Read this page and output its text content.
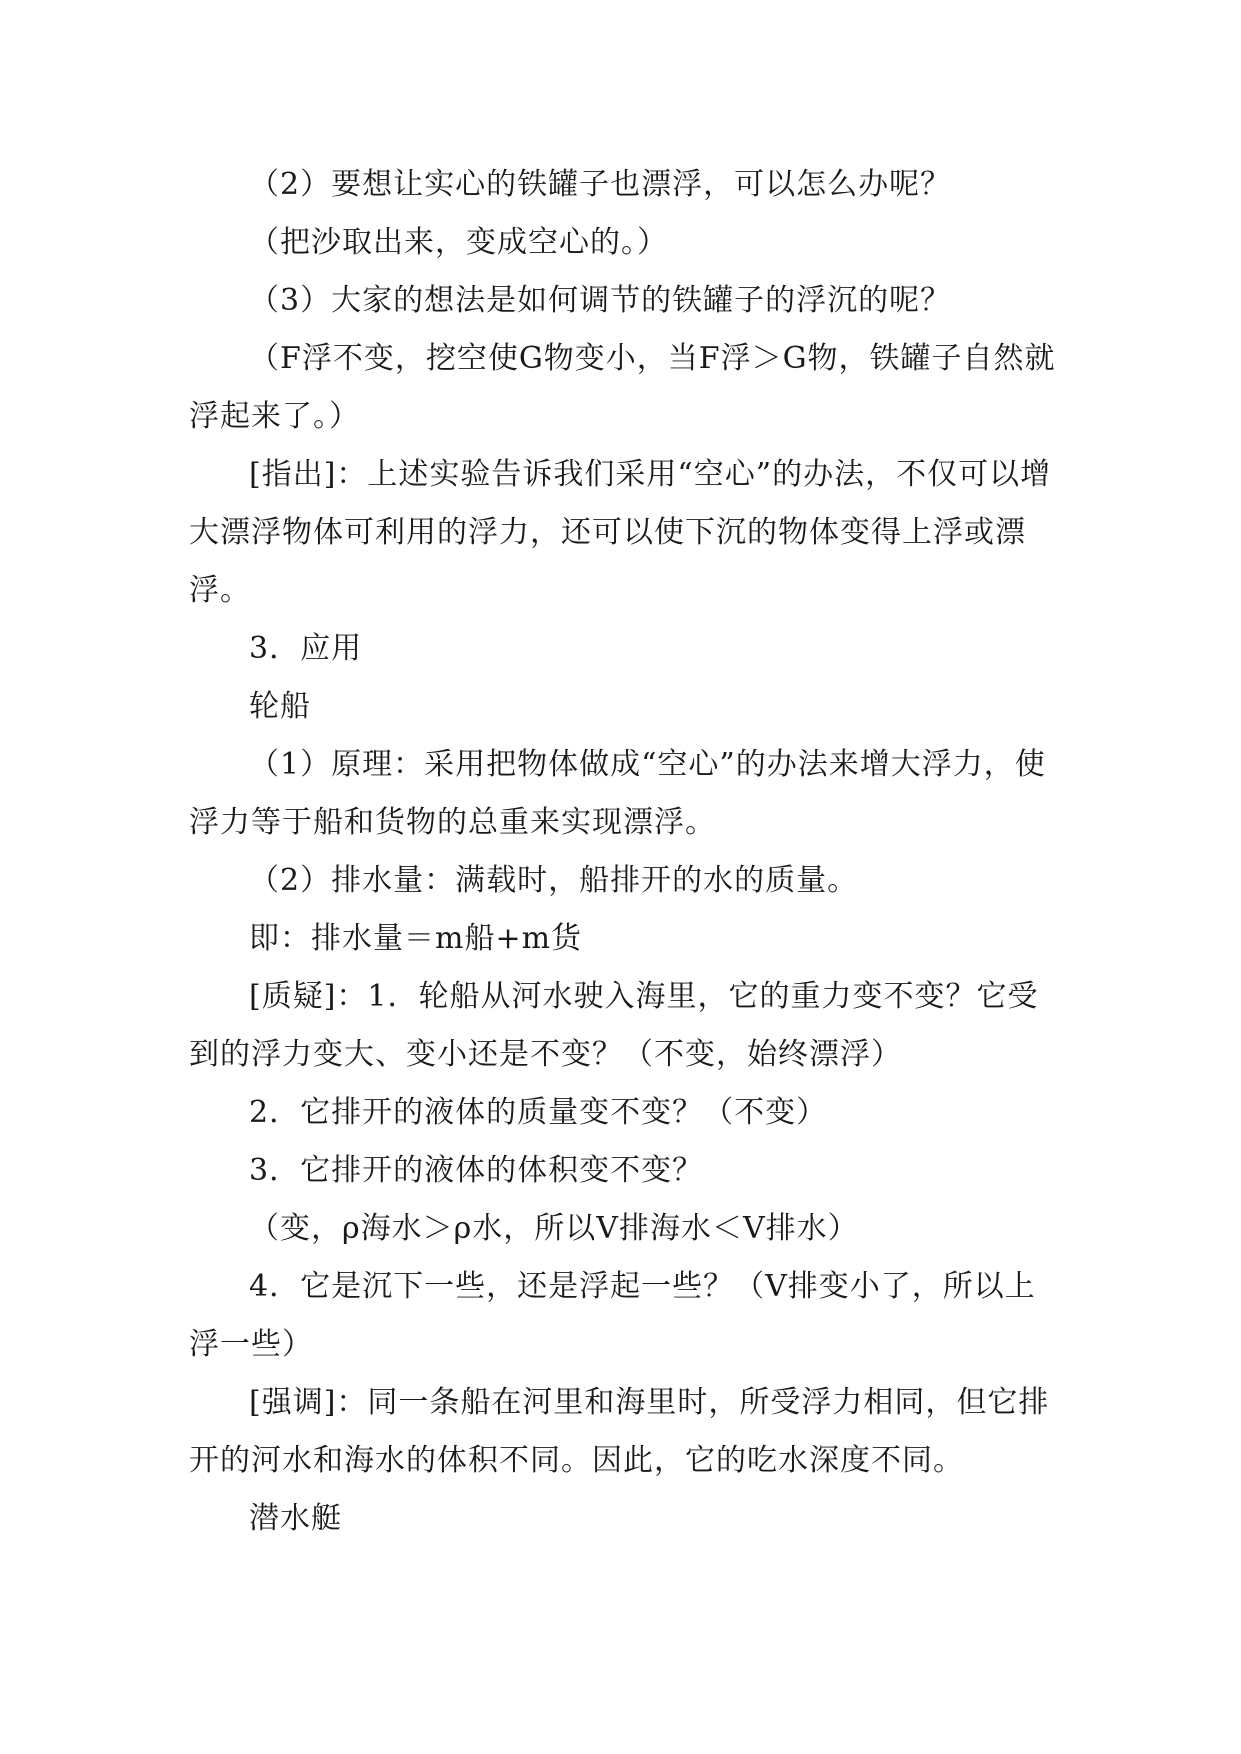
（2）要想让实心的铁罐子也漂浮，可以怎么办呢？

（把沙取出来，变成空心的。）

（3）大家的想法是如何调节的铁罐子的浮沉的呢？

（F浮不变，挖空使G物变小，当F浮＞G物，铁罐子自然就浮起来了。）

[指出]：上述实验告诉我们采用“空心”的办法，不仅可以增大漂浮物体可利用的浮力，还可以使下沉的物体变得上浮或漂浮。

3．应用

轮船

（1）原理：采用把物体做成“空心”的办法来增大浮力，使浮力等于船和货物的总重来实现漂浮。

（2）排水量：满载时，船排开的水的质量。

即：排水量＝m船+m货

[质疑]：1．轮船从河水驶入海里，它的重力变不变？它受到的浮力变大、变小还是不变？（不变，始终漂浮）

2．它排开的液体的质量变不变？（不变）

3．它排开的液体的体积变不变？

（变，ρ海水＞ρ水，所以V排海水＜V排水）

4．它是沉下一些，还是浮起一些？（V排变小了，所以上浮一些）

[强调]：同一条船在河里和海里时，所受浮力相同，但它排开的河水和海水的体积不同。因此，它的吃水深度不同。

潜水艇
